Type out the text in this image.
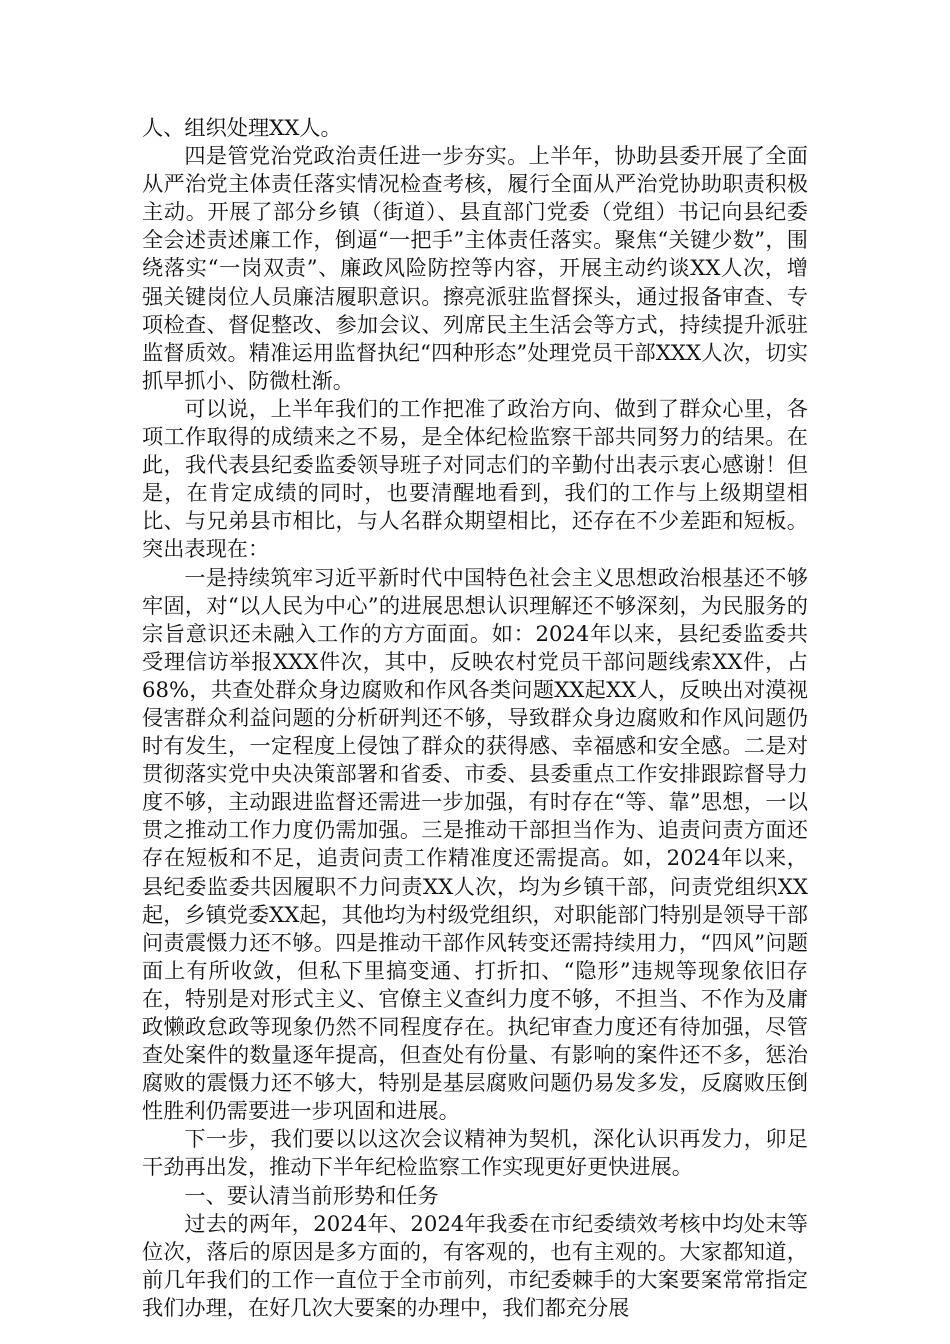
人、组织处理XX人。

四是管党治党政治责任进一步夯实。上半年，协助县委开展了全面从严治党主体责任落实情况检查考核，履行全面从严治党协助职责积极主动。开展了部分乡镇（街道）、县直部门党委（党组）书记向县纪委全会述责述廉工作，倒逼“一把手”主体责任落实。聚焦“关键少数”，围绕落实“一岗双责”、廉政风险防控等内容，开展主动约谈XX人次，增强关键岗位人员廉洁履职意识。擦亮派驻监督探头，通过报备审查、专项检查、督促整改、参加会议、列席民主生活会等方式，持续提升派驻监督质效。精准运用监督执纪“四种形态”处理党员干部XXX人次，切实抓早抓小、防微杜渐。

可以说，上半年我们的工作把准了政治方向、做到了群众心里，各项工作取得的成绩来之不易，是全体纪检监察干部共同努力的结果。在此，我代表县纪委监委领导班子对同志们的辛勤付出表示衷心感谢！但是，在肯定成绩的同时，也要清醒地看到，我们的工作与上级期望相比、与兄弟县市相比，与人名群众期望相比，还存在不少差距和短板。突出表现在：

一是持续筑牢习近平新时代中国特色社会主义思想政治根基还不够牢固，对“以人民为中心”的进展思想认识理解还不够深刻，为民服务的宗旨意识还未融入工作的方方面面。如：2024年以来，县纪委监委共受理信访举报XXX件次，其中，反映农村党员干部问题线索XX件，占68%，共查处群众身边腐败和作风各类问题XX起XX人，反映出对漠视侵害群众利益问题的分析研判还不够，导致群众身边腐败和作风问题仍时有发生，一定程度上侵蚀了群众的获得感、幸福感和安全感。二是对贯彻落实党中央决策部署和省委、市委、县委重点工作安排跟踪督导力度不够，主动跟进监督还需进一步加强，有时存在“等、靠”思想，一以贯之推动工作力度仍需加强。三是推动干部担当作为、追责问责方面还存在短板和不足，追责问责工作精准度还需提高。如，2024年以来，县纪委监委共因履职不力问责XX人次，均为乡镇干部，问责党组织XX起，乡镇党委XX起，其他均为村级党组织，对职能部门特别是领导干部问责震慑力还不够。四是推动干部作风转变还需持续用力，“四风”问题面上有所收敛，但私下里搞变通、打折扣、“隐形”违规等现象依旧存在，特别是对形式主义、官僚主义查纠力度不够，不担当、不作为及庸政懒政怠政等现象仍然不同程度存在。执纪审查力度还有待加强，尽管查处案件的数量逐年提高，但查处有份量、有影响的案件还不多，惩治腐败的震慑力还不够大，特别是基层腐败问题仍易发多发，反腐败压倒性胜利仍需要进一步巩固和进展。

下一步，我们要以以这次会议精神为契机，深化认识再发力，卯足干劲再出发，推动下半年纪检监察工作实现更好更快进展。

一、要认清当前形势和任务

过去的两年，2024年、2024年我委在市纪委绩效考核中均处末等位次，落后的原因是多方面的，有客观的，也有主观的。大家都知道，前几年我们的工作一直位于全市前列，市纪委棘手的大案要案常常指定我们办理，在好几次大要案的办理中，我们都充分展
